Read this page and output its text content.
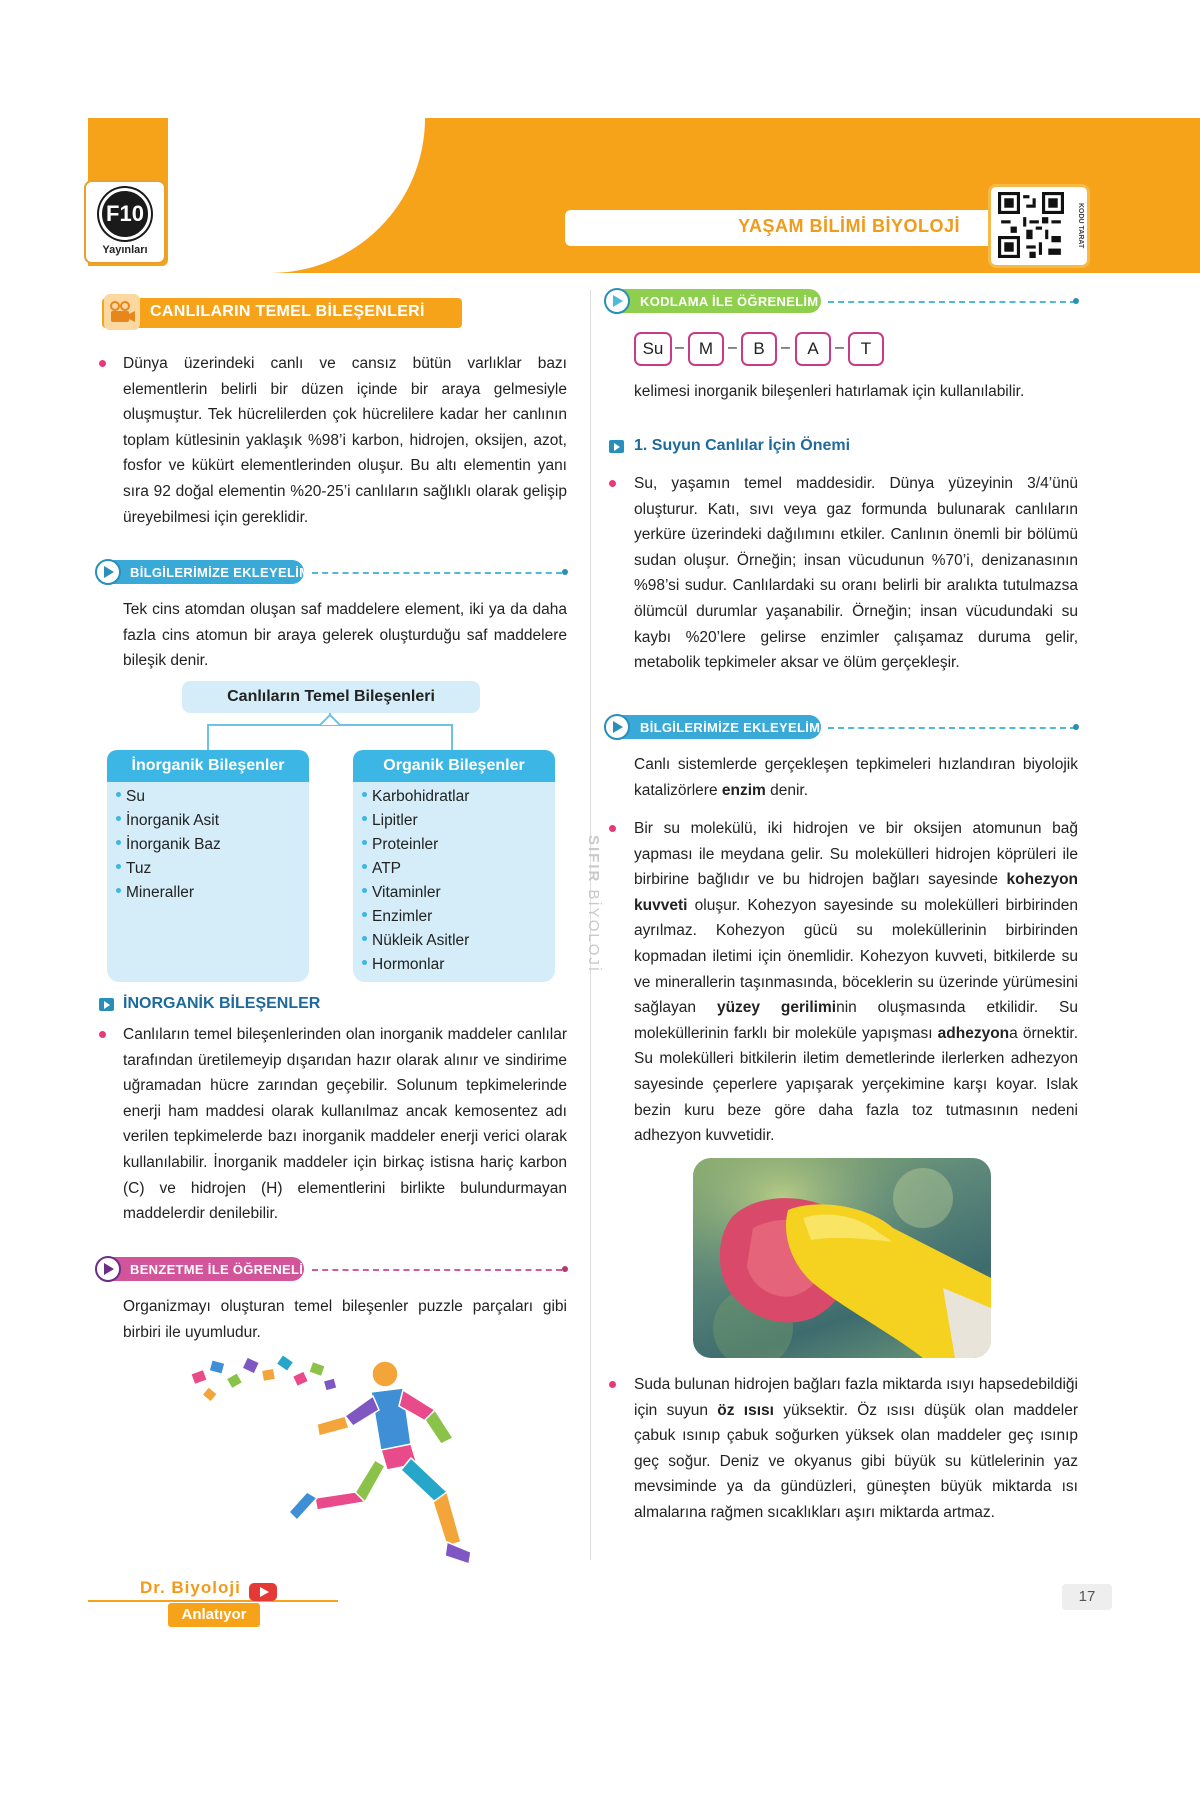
F10
Yayınları
YAŞAM BİLİMİ BİYOLOJİ	KODU TARAT
CANLILARIN TEMEL BİLEŞENLERİ
Dünya üzerindeki canlı ve cansız bütün varlıklar bazı elementlerin belirli bir düzen içinde bir araya gelmesiyle oluşmuştur. Tek hücrelilerden çok hücrelilere kadar her canlının toplam kütlesinin yaklaşık %98’i karbon, hidrojen, oksijen, azot, fosfor ve kükürt elementlerinden oluşur. Bu altı elementin yanı sıra 92 doğal elementin %20-25’i canlıların sağlıklı olarak gelişip üreyebilmesi için gereklidir.
BİLGİLERİMİZE EKLEYELİM
Tek cins atomdan oluşan saf maddelere element, iki ya da daha fazla cins atomun bir araya gelerek oluşturduğu saf maddelere bileşik denir.
Canlıların Temel Bileşenleri
İnorganik Bileşenler
Su
İnorganik Asit
İnorganik Baz
Tuz
Mineraller
Organik Bileşenler
Karbohidratlar
Lipitler
Proteinler
ATP
Vitaminler
Enzimler
Nükleik Asitler
Hormonlar
İNORGANİK BİLEŞENLER
Canlıların temel bileşenlerinden olan inorganik maddeler canlılar tarafından üretilemeyip dışarıdan hazır olarak alınır ve sindirime uğramadan hücre zarından geçebilir. Solunum tepkimelerinde enerji ham maddesi olarak kullanılmaz ancak kemosentez adı verilen tepkimelerde bazı inorganik maddeler enerji verici olarak kullanılabilir. İnorganik maddeler için birkaç istisna hariç karbon (C) ve hidrojen (H) elementlerini birlikte bulundurmayan maddelerdir denilebilir.
BENZETME İLE ÖĞRENELİM
Organizmayı oluşturan temel bileşenler puzzle parçaları gibi birbiri ile uyumludur.
SIFIR BİYOLOJİ
KODLAMA İLE ÖĞRENELİM
Su – M – B	–	A	– T
kelimesi inorganik bileşenleri hatırlamak için kullanılabilir.
1. Suyun Canlılar İçin Önemi
Su, yaşamın temel maddesidir. Dünya yüzeyinin 3/4’ünü oluşturur. Katı, sıvı veya gaz formunda bulunarak canlıların yerküre üzerindeki dağılımını etkiler. Canlının önemli bir bölümü sudan oluşur. Örneğin; insan vücudunun %70’i, denizanasının %98’si sudur. Canlılardaki su oranı belirli bir aralıkta tutulmazsa ölümcül durumlar yaşanabilir. Örneğin; insan vücudundaki su kaybı %20’lere gelirse enzimler çalışamaz duruma gelir, metabolik tepkimeler aksar ve ölüm gerçekleşir.
BİLGİLERİMİZE EKLEYELİM
Canlı sistemlerde gerçekleşen tepkimeleri hızlandıran biyolojik katalizörlere enzim denir.
Bir su molekülü, iki hidrojen ve bir oksijen atomunun bağ yapması ile meydana gelir. Su molekülleri hidrojen köprüleri ile birbirine bağlıdır ve bu hidrojen bağları sayesinde kohezyon kuvveti oluşur. Kohezyon sayesinde su molekülleri birbirinden ayrılmaz. Kohezyon gücü su moleküllerinin birbirinden kopmadan iletimi için önemlidir. Kohezyon kuvveti, bitkilerde su ve minerallerin taşınmasında, böceklerin su üzerinde yürümesini sağlayan yüzey geriliminin oluşmasında etkilidir. Su moleküllerinin farklı bir moleküle yapışması adhezyona örnektir. Su molekülleri bitkilerin iletim demetlerinde ilerlerken adhezyon sayesinde çeperlere yapışarak yerçekimine karşı koyar. Islak bezin kuru beze göre daha fazla toz tutmasının nedeni adhezyon kuvvetidir.
Suda bulunan hidrojen bağları fazla miktarda ısıyı hapsedebildiği için suyun öz ısısı yüksektir. Öz ısısı düşük olan maddeler çabuk ısınıp çabuk soğurken yüksek olan maddeler geç ısınıp geç soğur. Deniz ve okyanus gibi büyük su kütlelerinin yaz mevsiminde ya da gündüzleri, güneşten büyük miktarda ısı almalarına rağmen sıcaklıkları aşırı miktarda artmaz.
Dr. Biyoloji
Anlatıyor
17
